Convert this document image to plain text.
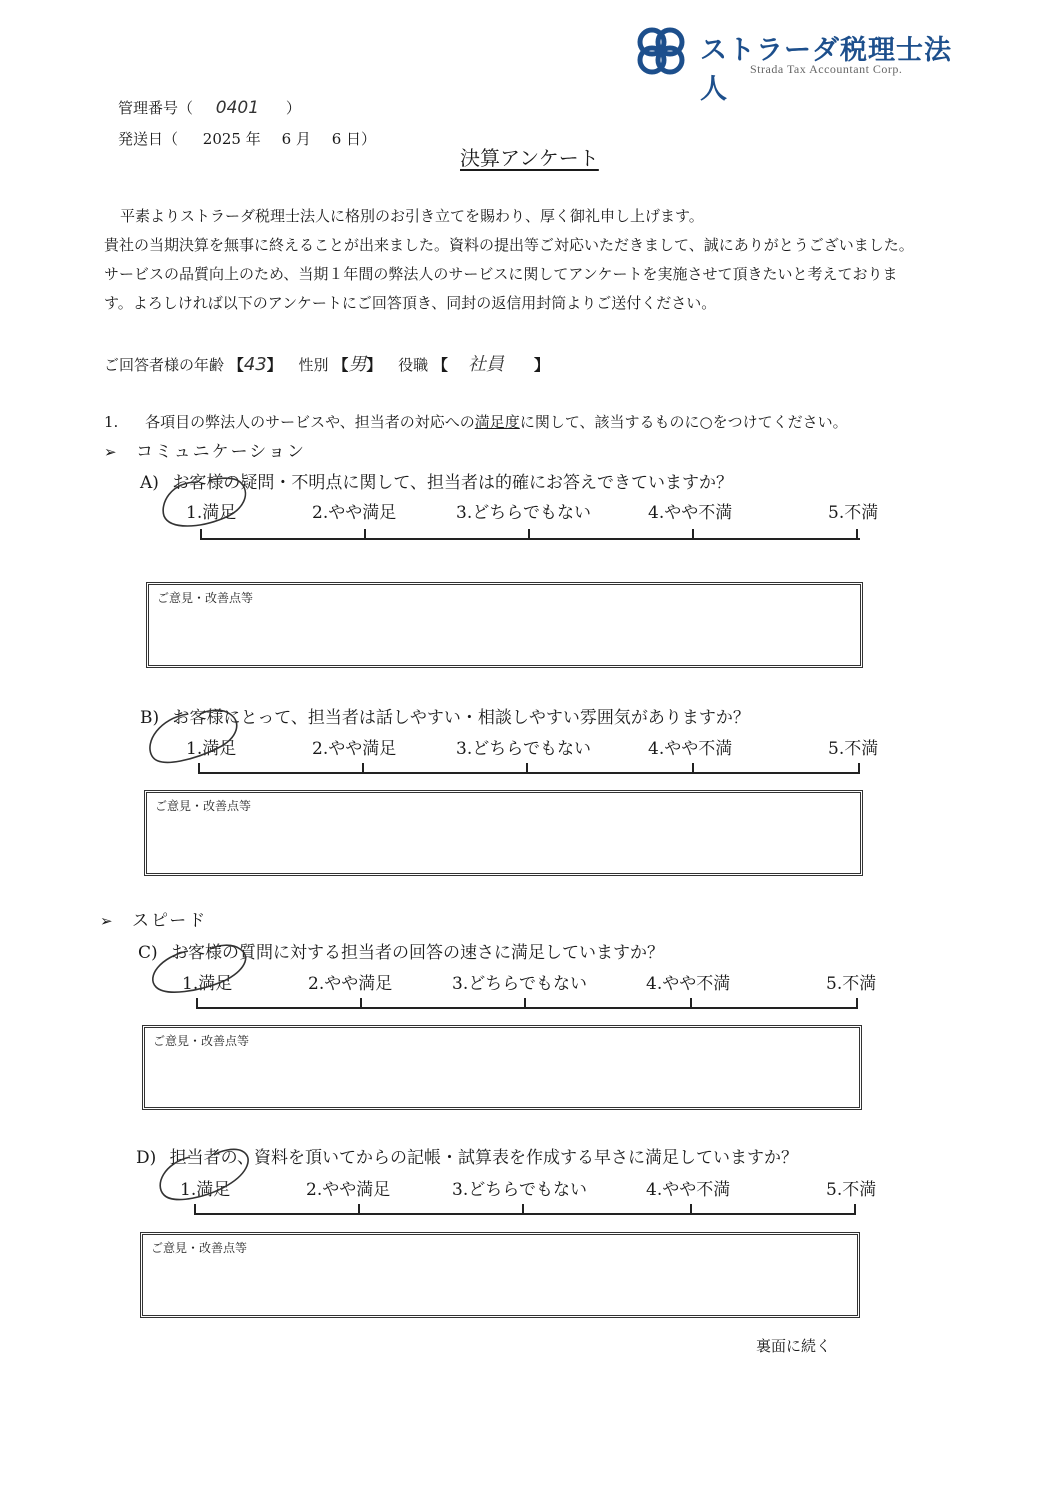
ストラーダ税理士法人
Strada Tax Accountant Corp.
管理番号（ 0401 ）
発送日（ 2025 年 6 月 6 日）
決算アンケート

平素よりストラーダ税理士法人に格別のお引き立てを賜わり、厚く御礼申し上げます。

貴社の当期決算を無事に終えることが出来ました。資料の提出等ご対応いただきまして、誠にありがとうございました。

サービスの品質向上のため、当期１年間の弊法人のサービスに関してアンケートを実施させて頂きたいと考えておりま

す。よろしければ以下のアンケートにご回答頂き、同封の返信用封筒よりご送付ください。

ご回答者様の年齢 【43】 性別 【男】 役職 【 社員 】
1. 各項目の弊法人のサービスや、担当者の対応への満足度に関して、該当するものに○をつけてください。
➢ コミュニケーション
A) お客様の疑問・不明点に関して、担当者は的確にお答えできていますか？
1.満足	2.やや満足	3.どちらでもない	4.やや不満	5.不満
ご意見・改善点等
B) お客様にとって、担当者は話しやすい・相談しやすい雰囲気がありますか？
1.満足	2.やや満足	3.どちらでもない	4.やや不満	5.不満
ご意見・改善点等
➢ スピード
C) お客様の質問に対する担当者の回答の速さに満足していますか？
1.満足	2.やや満足	3.どちらでもない	4.やや不満	5.不満
ご意見・改善点等
D) 担当者の、資料を頂いてからの記帳・試算表を作成する早さに満足していますか？
1.満足	2.やや満足	3.どちらでもない	4.やや不満	5.不満
ご意見・改善点等
裏面に続く
